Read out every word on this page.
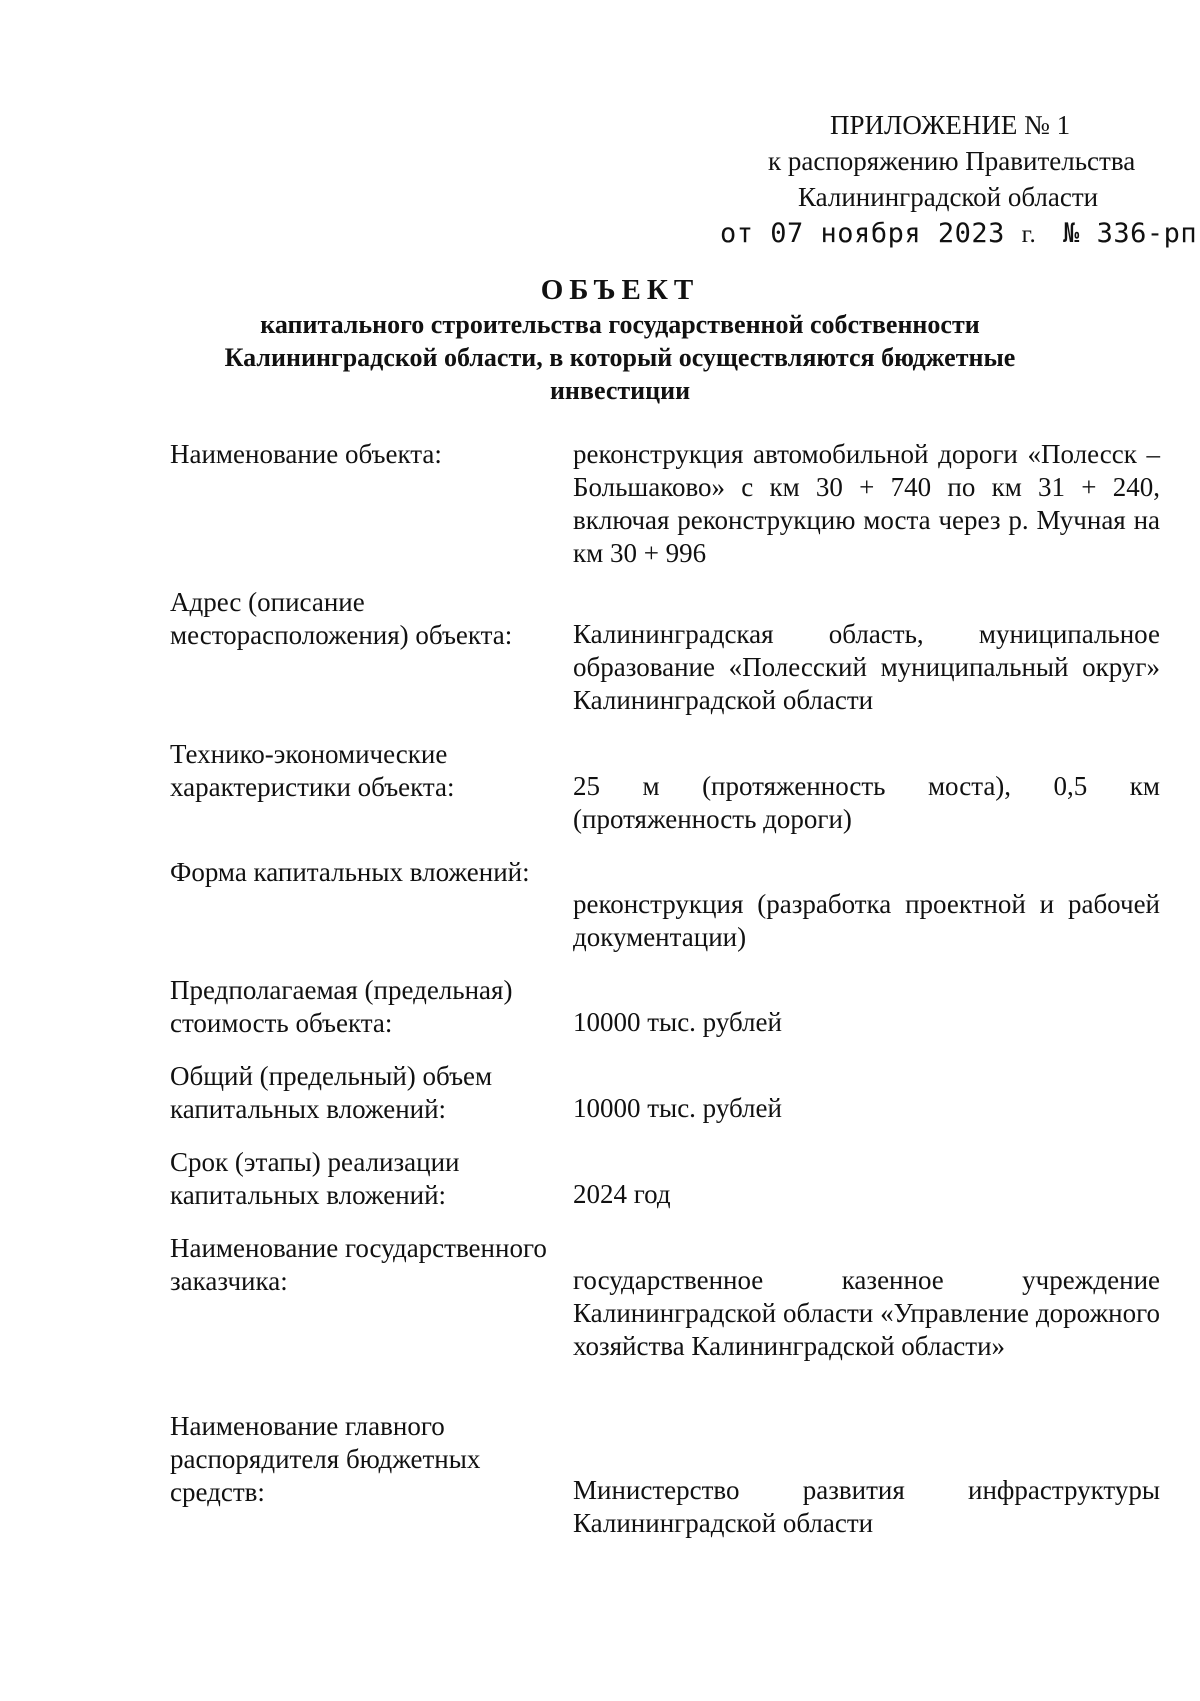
ПРИЛОЖЕНИЕ № 1
к распоряжению Правительства
Калининградской области
от 07 ноября 2023 г. № 336-рп

ОБЪЕКТ

капитального строительства государственной собственности Калининградской области, в который осуществляются бюджетные инвестиции

Наименование объекта:	реконструкция автомобильной дороги «Полесск – Большаково» с км 30 + 740 по км 31 + 240, включая реконструкцию моста через р. Мучная на км 30 + 996
Адрес (описание месторасположения) объекта:	Калининградская область, муниципальное образование «Полесский муниципальный округ» Калининградской области
Технико-экономические характеристики объекта:	25 м (протяженность моста), 0,5 км (протяженность дороги)
Форма капитальных вложений:
реконструкция (разработка проектной и рабочей документации)
Предполагаемая (предельная) стоимость объекта:	10000 тыс. рублей
Общий (предельный) объем капитальных вложений:	10000 тыс. рублей
Срок (этапы) реализации капитальных вложений:	2024 год
Наименование государственного заказчика:	государственное казенное учреждение Калининградской области «Управление дорожного хозяйства Калининградской области»
Наименование главного распорядителя бюджетных средств:	Министерство развития инфраструктуры Калининградской области
